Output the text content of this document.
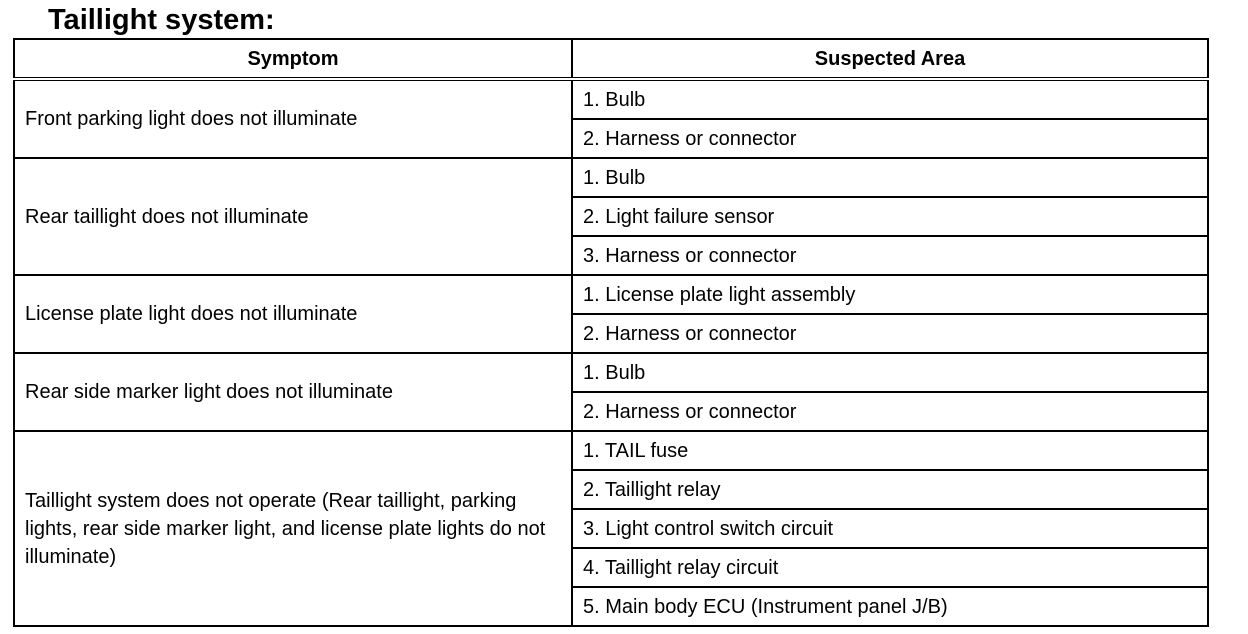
Taillight system:
Symptom	Suspected Area
Front parking light does not illuminate	1. Bulb
	2. Harness or connector
Rear taillight does not illuminate	1. Bulb
	2. Light failure sensor
	3. Harness or connector
License plate light does not illuminate	1. License plate light assembly
	2. Harness or connector
Rear side marker light does not illuminate	1. Bulb
	2. Harness or connector
Taillight system does not operate (Rear taillight, parking lights, rear side marker light, and license plate lights do not illuminate)	1. TAIL fuse
	2. Taillight relay
	3. Light control switch circuit
	4. Taillight relay circuit
	5. Main body ECU (Instrument panel J/B)
